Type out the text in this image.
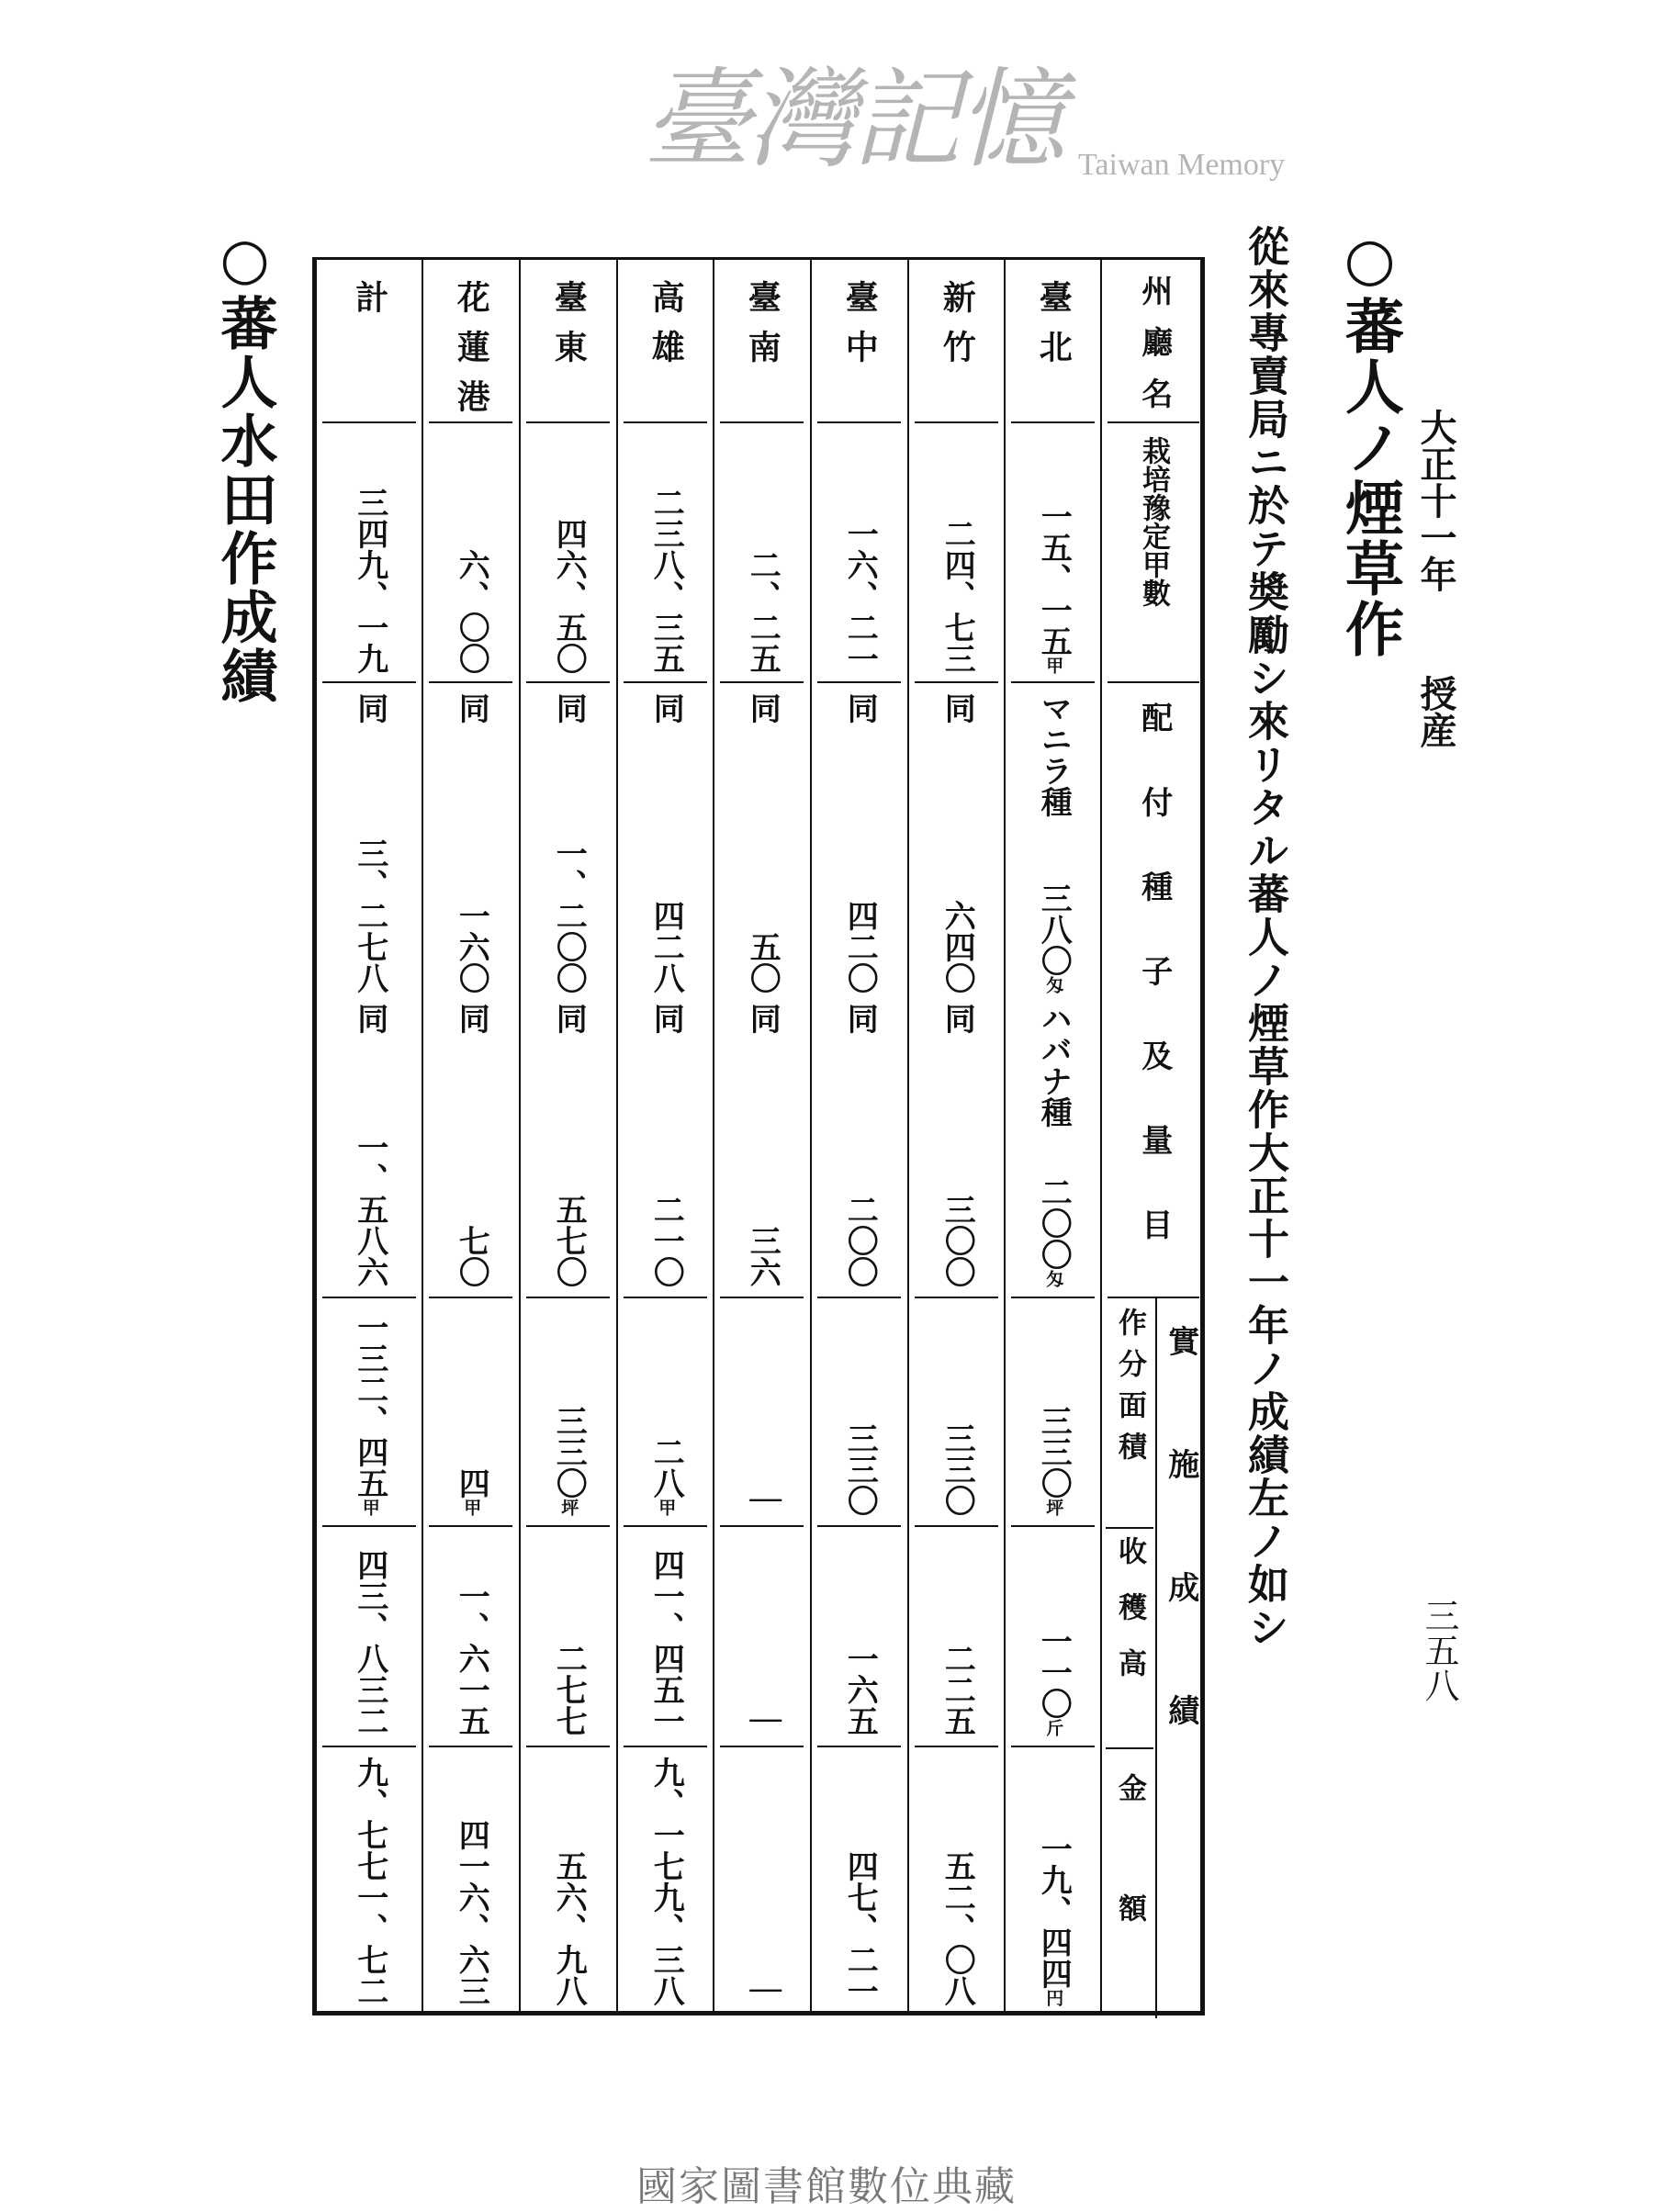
大正十一年授産
三五八
○蕃人ノ煙草作
從來專賣局ニ於テ奬勵シ來リタル蕃人ノ煙草作大正十一年ノ成績左ノ如シ
○蕃人水田作成績	州廳名
栽培豫定甲數
配付種子及量目
實施成績
作分面積
收穫高
金額
臺北
一五、一五甲
マニラ種
三八〇匁
ハバナ種
二〇〇匁
三三〇坪
一一〇斤
一九、四四円
新竹
二四、七三
同
六四〇
同
三〇〇
三三〇
二二五
五二、〇八
臺中
一六、二一
同
四二〇
同
二〇〇
三三〇
一六五
四七、二一
臺南
二、二五
同
五〇
同
三六
｜
｜
｜
高雄
二三八、三五
同
四二八
同
二一〇
二八甲
四一、四五一
九、一七九、三八
臺東
四六、五〇
同
一、二〇〇
同
五七〇
三三〇坪
二七七
五六、九八
花蓮港
六、〇〇
同
一六〇
同
七〇
四甲
一、六一五
四一六、六三
計
三四九、一九
同
三、二七八
同
一、五八六
一三二、四五甲
四三、八三二
九、七七一、七二
臺灣記憶 Taiwan Memory
國家圖書館數位典藏
